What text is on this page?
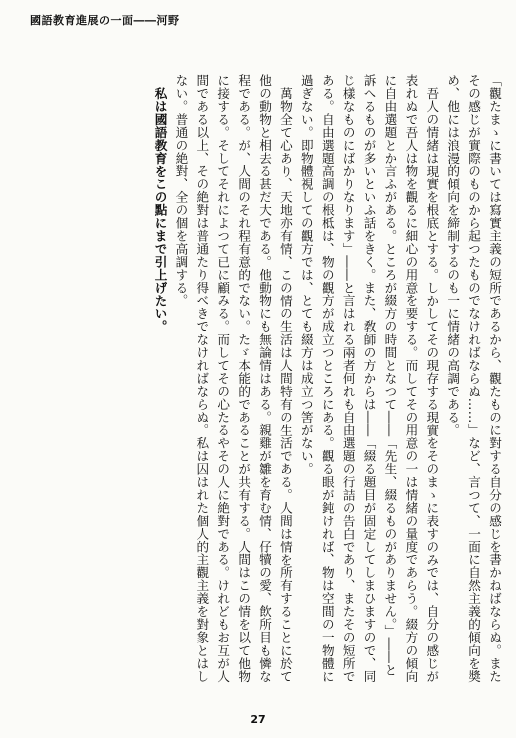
國語教育進展の一面――河野

「觀たまゝに書いては寫實主義の短所であるから、觀たものに對する自分の感じを書かねばならぬ。またその感じが實際のものから起つたものでなければならぬ……」など、言つて、一面に自然主義的傾向を奬め、他には浪漫的傾向を締制するのも一に情緒の高調である。

吾人の情緒は現實を根底とする。しかしてその現存する現實をそのまゝに表すのみでは、自分の感じが表れぬで吾人は物を觀るに細心の用意を要する。而してその用意の一は情緒の量度であらう。綴方の傾向に自由選題とか言ふがある。ところが綴方の時間となつて――「先生、綴るものがありません。」――と訴へるものが多いといふ話をきく。また、敎師の方からは――「綴る題目が固定してしまひますので、同じ樣なものにばかりなります」――と言はれる兩者何れも自由選題の行詰の告白であり、またその短所である。自由選題高調の根柢は、物の觀方が成立つところにある。觀る眼が鈍ければ、物は空間の一物體に過ぎない。即物體視しての觀方では、とても綴方は成立つ筈がない。

萬物全て心あり、天地亦有情、この情の生活は人間特有の生活である。人間は情を所有することに於て他の動物と相去る甚だ大である。他動物にも無論情はある。親雞が雛を育む情、仔犢の愛、飲所目も憐な程である。が、人間のそれ程有意的でない。たゞ本能的であることが共有する。人間はこの情を以て他物に接する。そしてそれによつて已に顧みる。而してその心たるやその人に絶對である。けれどもお互が人間である以上、その絶對は普通たり得べきでなければならぬ。私は囚はれた個人的主觀主義を對象とはしない。普通の絶對、全の個を高調する。

私は國語教育をこの點にまで引上げたい。

27
